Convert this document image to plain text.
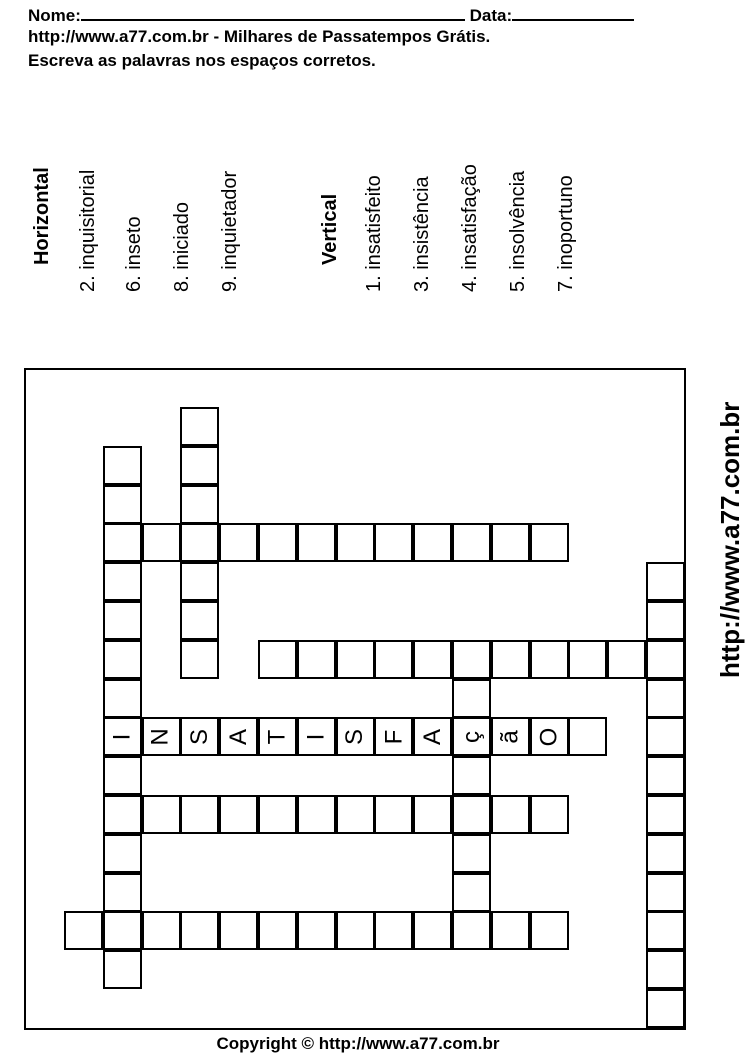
Nome:	Data:
http://www.a77.com.br - Milhares de Passatempos Grátis.
Escreva as palavras nos espaços corretos.
Horizontal 2. inquisitorial 6. inseto 8. iniciado 9. inquietador	Vertical 1. insatisfeito 3. insistência 4. insatisfação 5. insolvência 7. inoportuno
I N S A T I S F A ç ã O
http://www.a77.com.br
Copyright © http://www.a77.com.br
